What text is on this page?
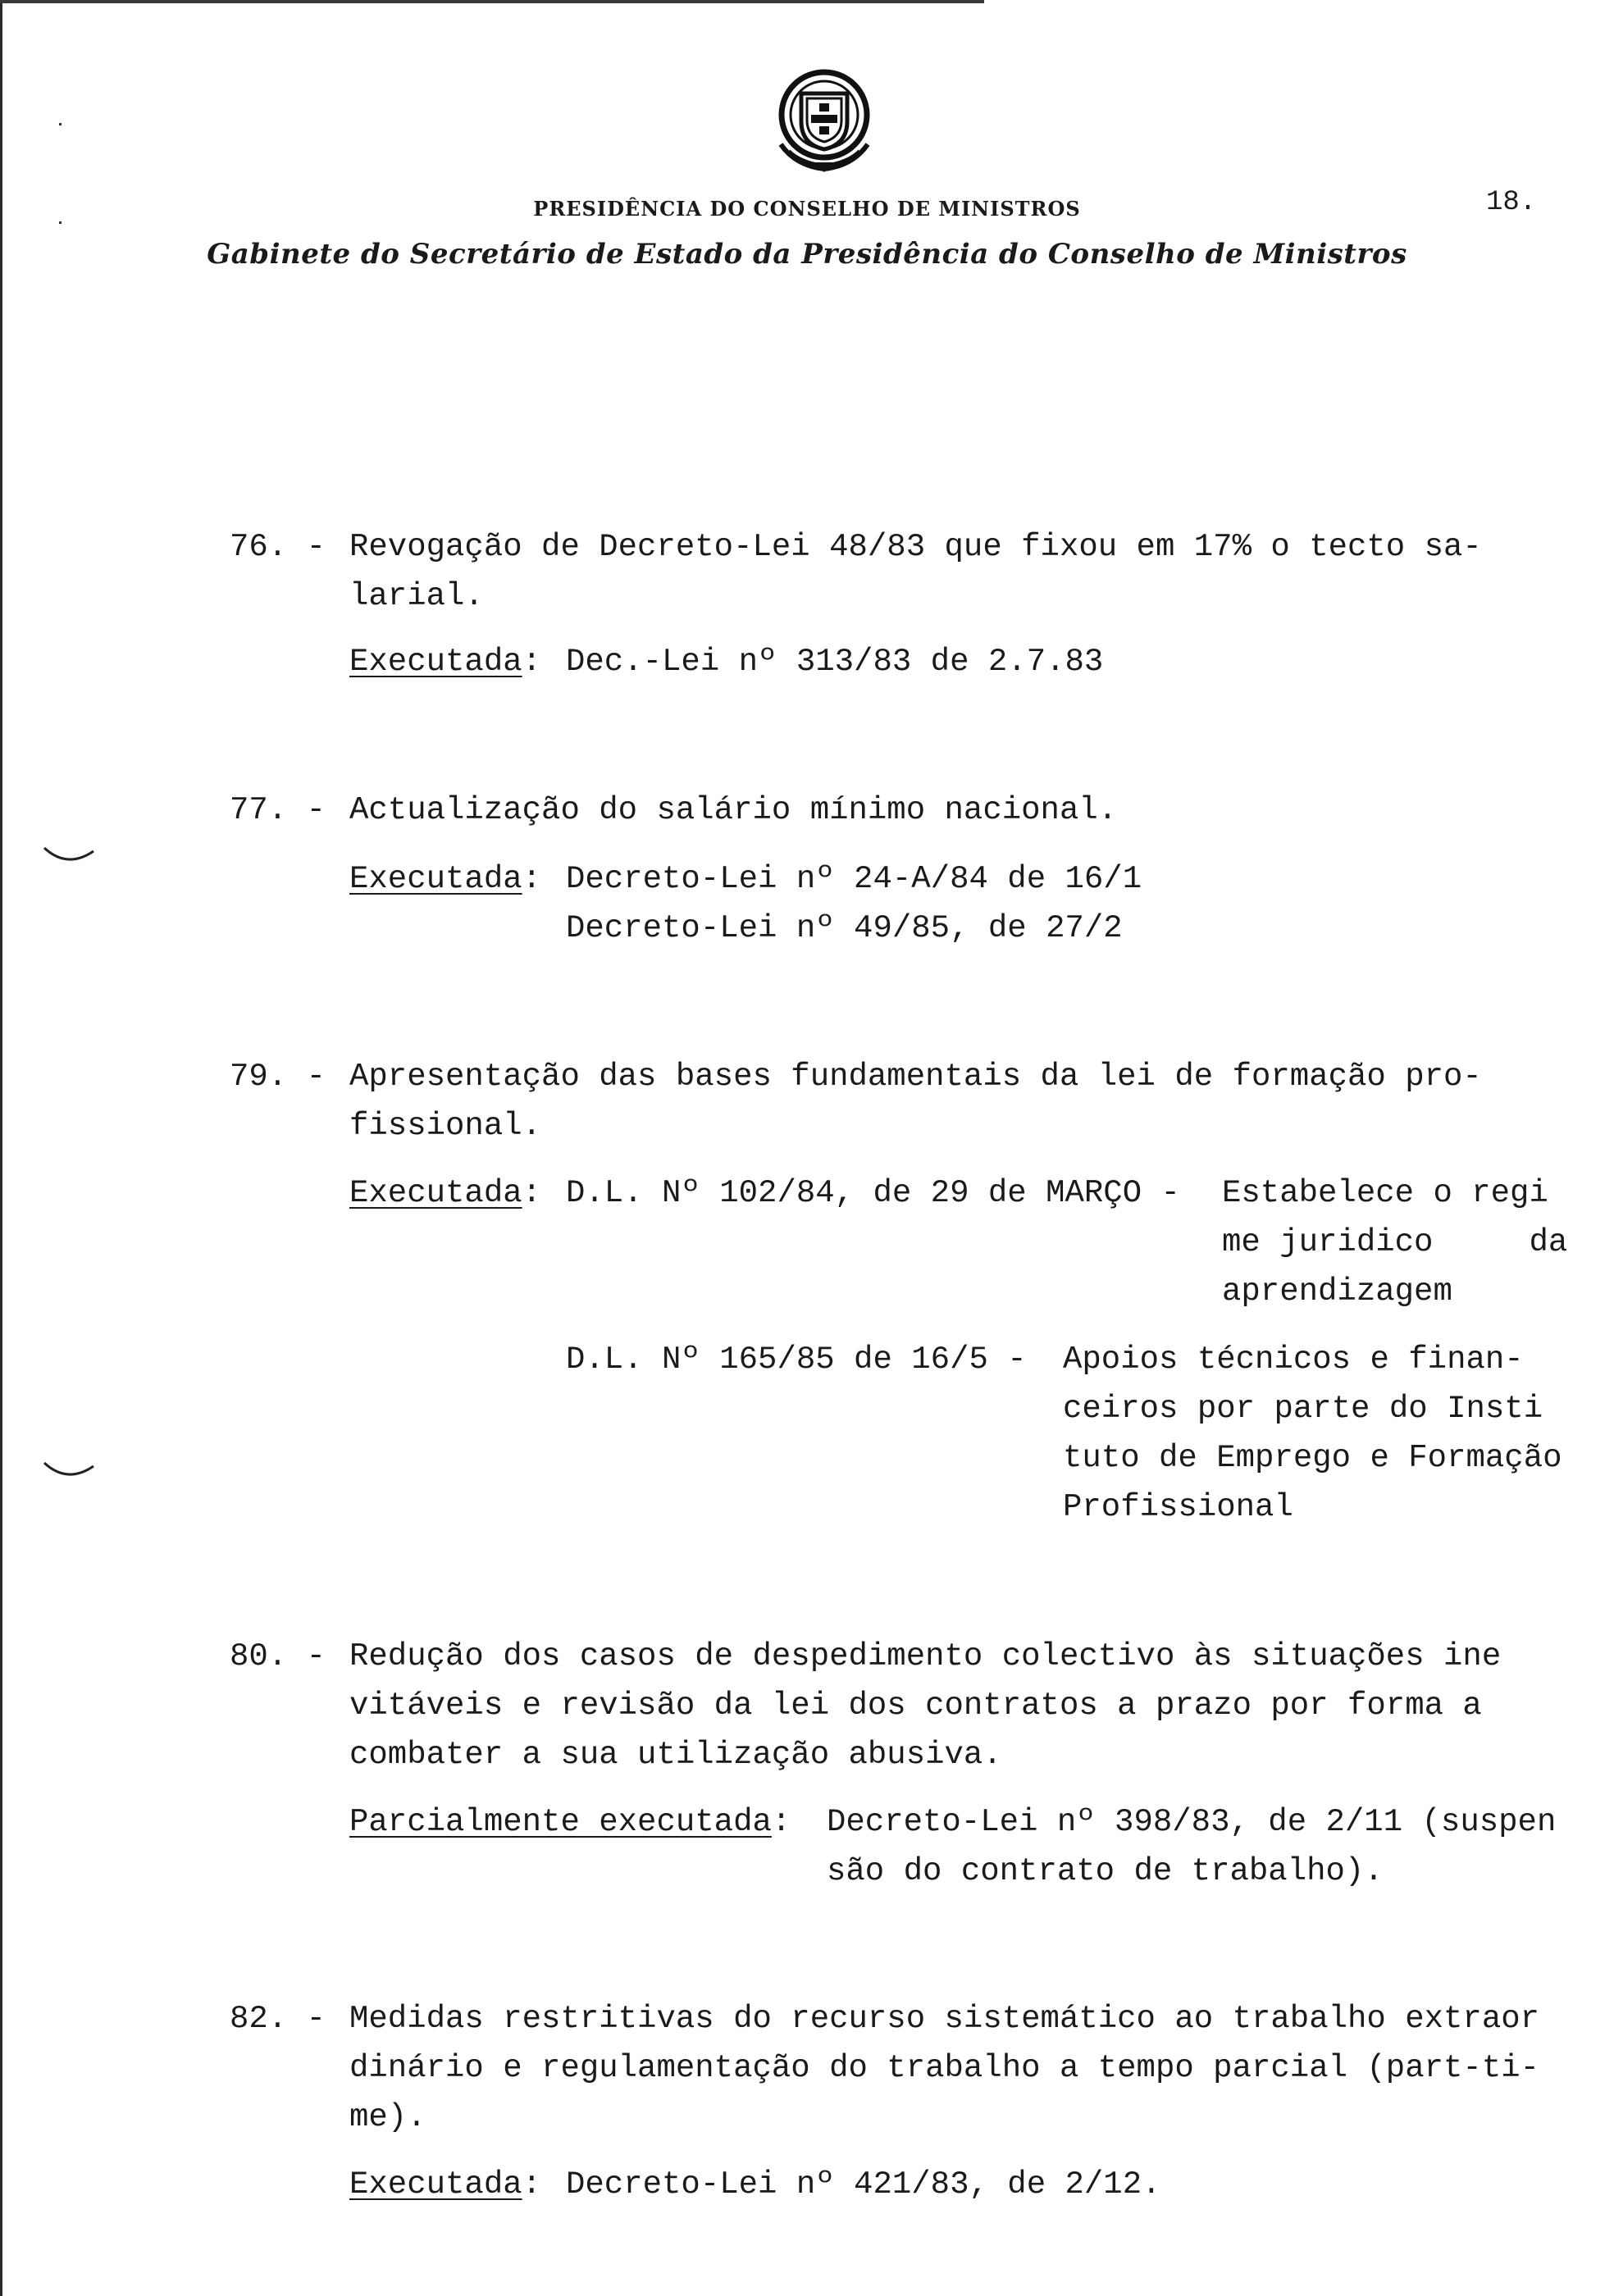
PRESIDÊNCIA DO CONSELHO DE MINISTROS	18.
Gabinete do Secretário de Estado da Presidência do Conselho de Ministros

76. - Revogação de Decreto-Lei 48/83 que fixou em 17% o tecto sa-

larial.

Executada: Dec.-Lei nº 313/83 de 2.7.83

77. - Actualização do salário mínimo nacional.

Executada: Decreto-Lei nº 24-A/84 de 16/1

Decreto-Lei nº 49/85, de 27/2

79. - Apresentação das bases fundamentais da lei de formação pro-

fissional.

Executada: D.L. Nº 102/84, de 29 de MARÇO - Estabelece o regi

me juridico     da

aprendizagem

D.L. Nº 165/85 de 16/5 - Apoios técnicos e finan-

ceiros por parte do Insti

tuto de Emprego e Formação

Profissional

80. - Redução dos casos de despedimento colectivo às situações ine

vitáveis e revisão da lei dos contratos a prazo por forma a

combater a sua utilização abusiva.

Parcialmente executada: Decreto-Lei nº 398/83, de 2/11 (suspen

são do contrato de trabalho).

82. - Medidas restritivas do recurso sistemático ao trabalho extraor

dinário e regulamentação do trabalho a tempo parcial (part-ti-

me).

Executada: Decreto-Lei nº 421/83, de 2/12.
